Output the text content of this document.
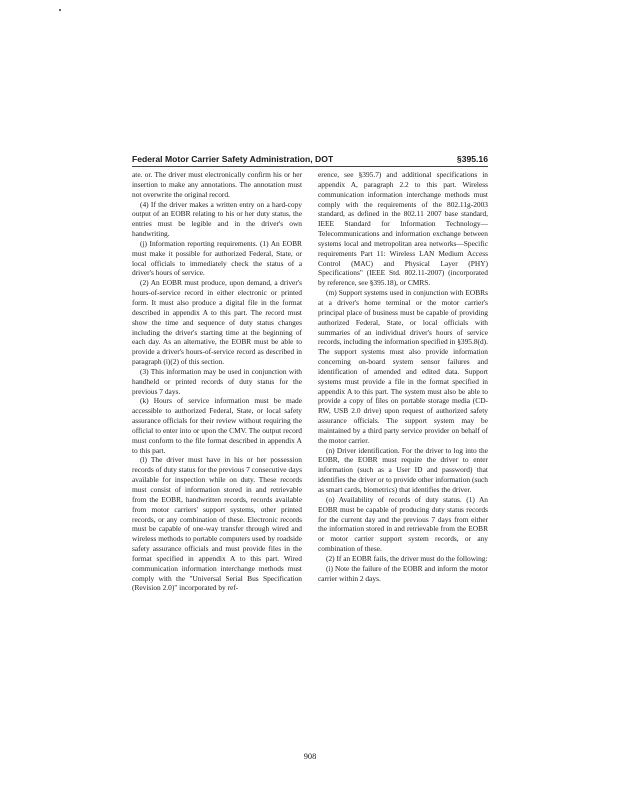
Federal Motor Carrier Safety Administration, DOT	§395.16

ate. or. The driver must electronically confirm his or her insertion to make any annotations. The annotation must not overwrite the original record.

(4) If the driver makes a written entry on a hard-copy output of an EOBR relating to his or her duty status, the entries must be legible and in the driver's own handwriting.

(j) Information reporting requirements. (1) An EOBR must make it possible for authorized Federal, State, or local officials to immediately check the status of a driver's hours of service.

(2) An EOBR must produce, upon demand, a driver's hours-of-service record in either electronic or printed form. It must also produce a digital file in the format described in appendix A to this part. The record must show the time and sequence of duty status changes including the driver's starting time at the beginning of each day. As an alternative, the EOBR must be able to provide a driver's hours-of-service record as described in paragraph (i)(2) of this section.

(3) This information may be used in conjunction with handheld or printed records of duty status for the previous 7 days.

(k) Hours of service information must be made accessible to authorized Federal, State, or local safety assurance officials for their review without requiring the official to enter into or upon the CMV. The output record must conform to the file format described in appendix A to this part.

(l) The driver must have in his or her possession records of duty status for the previous 7 consecutive days available for inspection while on duty. These records must consist of information stored in and retrievable from the EOBR, handwritten records, records available from motor carriers' support systems, other printed records, or any combination of these. Electronic records must be capable of one-way transfer through wired and wireless methods to portable computers used by roadside safety assurance officials and must provide files in the format specified in appendix A to this part. Wired communication information interchange methods must comply with the "Universal Serial Bus Specification (Revision 2.0)" incorporated by ref-

erence, see §395.7) and additional specifications in appendix A, paragraph 2.2 to this part. Wireless communication information interchange methods must comply with the requirements of the 802.11g-2003 standard, as defined in the 802.11 2007 base standard, IEEE Standard for Information Technology—Telecommunications and information exchange between systems local and metropolitan area networks—Specific requirements Part 11: Wireless LAN Medium Access Control (MAC) and Physical Layer (PHY) Specifications" (IEEE Std. 802.11-2007) (incorporated by reference, see §395.18), or CMRS.

(m) Support systems used in conjunction with EOBRs at a driver's home terminal or the motor carrier's principal place of business must be capable of providing authorized Federal, State, or local officials with summaries of an individual driver's hours of service records, including the information specified in §395.8(d). The support systems must also provide information concerning on-board system sensor failures and identification of amended and edited data. Support systems must provide a file in the format specified in appendix A to this part. The system must also be able to provide a copy of files on portable storage media (CD-RW, USB 2.0 drive) upon request of authorized safety assurance officials. The support system may be maintained by a third party service provider on behalf of the motor carrier.

(n) Driver identification. For the driver to log into the EOBR, the EOBR must require the driver to enter information (such as a User ID and password) that identifies the driver or to provide other information (such as smart cards, biometrics) that identifies the driver.

(o) Availability of records of duty status. (1) An EOBR must be capable of producing duty status records for the current day and the previous 7 days from either the information stored in and retrievable from the EOBR or motor carrier support system records, or any combination of these.

(2) If an EOBR fails, the driver must do the following:

(i) Note the failure of the EOBR and inform the motor carrier within 2 days.

908
